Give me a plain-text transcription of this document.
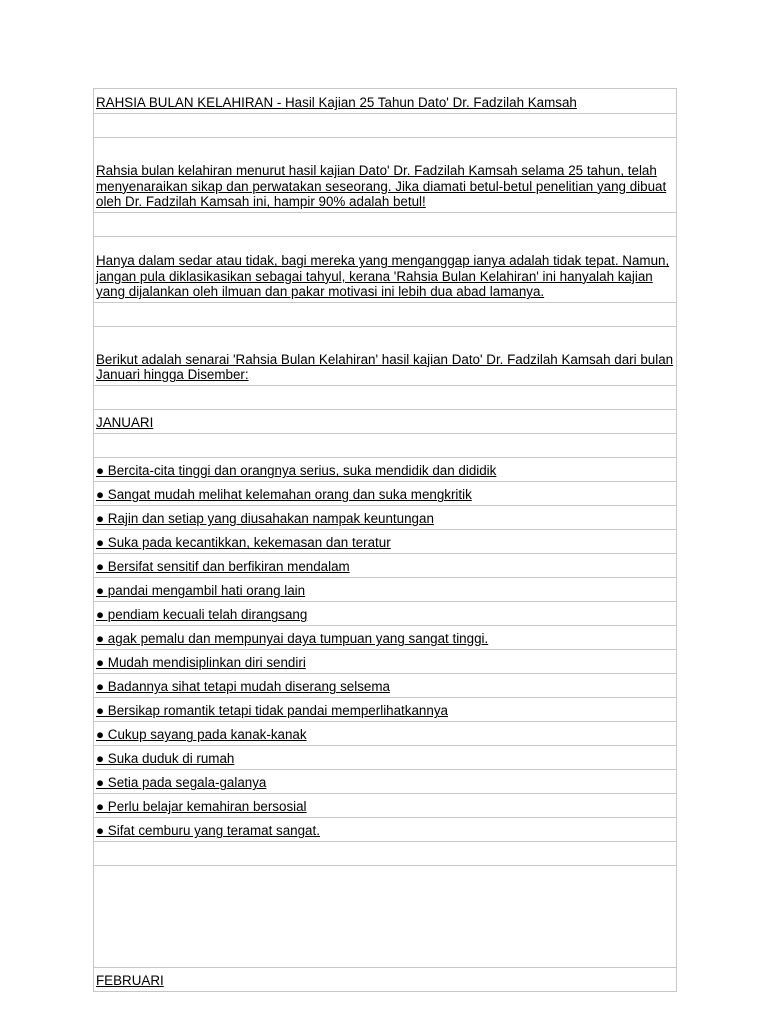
RAHSIA BULAN KELAHIRAN - Hasil Kajian 25 Tahun Dato' Dr. Fadzilah Kamsah
Rahsia bulan kelahiran menurut hasil kajian Dato' Dr. Fadzilah Kamsah selama 25 tahun, telah menyenaraikan sikap dan perwatakan seseorang. Jika diamati betul-betul penelitian yang dibuat oleh Dr. Fadzilah Kamsah ini, hampir 90% adalah betul!
Hanya dalam sedar atau tidak, bagi mereka yang menganggap ianya adalah tidak tepat. Namun, jangan pula diklasikasikan sebagai tahyul, kerana 'Rahsia Bulan Kelahiran' ini hanyalah kajian yang dijalankan oleh ilmuan dan pakar motivasi ini lebih dua abad lamanya.
Berikut adalah senarai 'Rahsia Bulan Kelahiran' hasil kajian Dato' Dr. Fadzilah Kamsah dari bulan Januari hingga Disember:
JANUARI
● Bercita-cita tinggi dan orangnya serius, suka mendidik dan dididik
● Sangat mudah melihat kelemahan orang dan suka mengkritik
● Rajin dan setiap yang diusahakan nampak keuntungan
● Suka pada kecantikkan, kekemasan dan teratur
● Bersifat sensitif dan berfikiran mendalam
● pandai mengambil hati orang lain
● pendiam kecuali telah dirangsang
● agak pemalu dan mempunyai daya tumpuan yang sangat tinggi.
● Mudah mendisiplinkan diri sendiri
● Badannya sihat tetapi mudah diserang selsema
● Bersikap romantik tetapi tidak pandai memperlihatkannya
● Cukup sayang pada kanak-kanak
● Suka duduk di rumah
● Setia pada segala-galanya
● Perlu belajar kemahiran bersosial
● Sifat cemburu yang teramat sangat.
FEBRUARI
